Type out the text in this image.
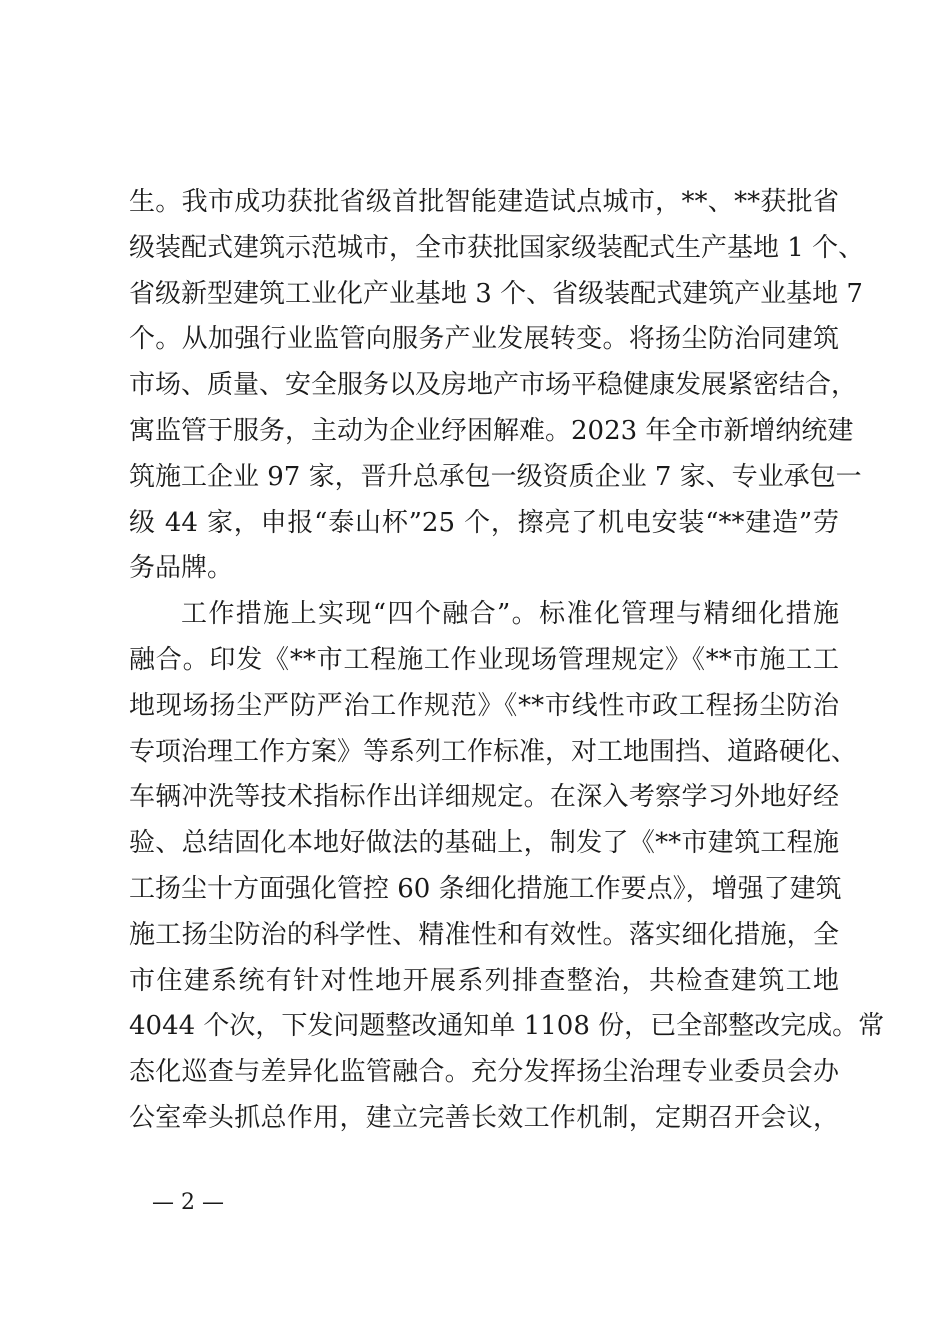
生。我市成功获批省级首批智能建造试点城市，**、**获批省
级装配式建筑示范城市，全市获批国家级装配式生产基地 1 个、
省级新型建筑工业化产业基地 3 个、省级装配式建筑产业基地 7
个。从加强行业监管向服务产业发展转变。将扬尘防治同建筑
市场、质量、安全服务以及房地产市场平稳健康发展紧密结合，
寓监管于服务，主动为企业纾困解难。2023 年全市新增纳统建
筑施工企业 97 家，晋升总承包一级资质企业 7 家、专业承包一
级 44 家，申报“泰山杯”25 个，擦亮了机电安装“**建造”劳
务品牌。
工作措施上实现“四个融合”。标准化管理与精细化措施
融合。印发《**市工程施工作业现场管理规定》《**市施工工
地现场扬尘严防严治工作规范》《**市线性市政工程扬尘防治
专项治理工作方案》等系列工作标准，对工地围挡、道路硬化、
车辆冲洗等技术指标作出详细规定。在深入考察学习外地好经
验、总结固化本地好做法的基础上，制发了《**市建筑工程施
工扬尘十方面强化管控 60 条细化措施工作要点》，增强了建筑
施工扬尘防治的科学性、精准性和有效性。落实细化措施，全
市住建系统有针对性地开展系列排查整治，共检查建筑工地
4044 个次，下发问题整改通知单 1108 份，已全部整改完成。常
态化巡查与差异化监管融合。充分发挥扬尘治理专业委员会办
公室牵头抓总作用，建立完善长效工作机制，定期召开会议，
— 2 —
